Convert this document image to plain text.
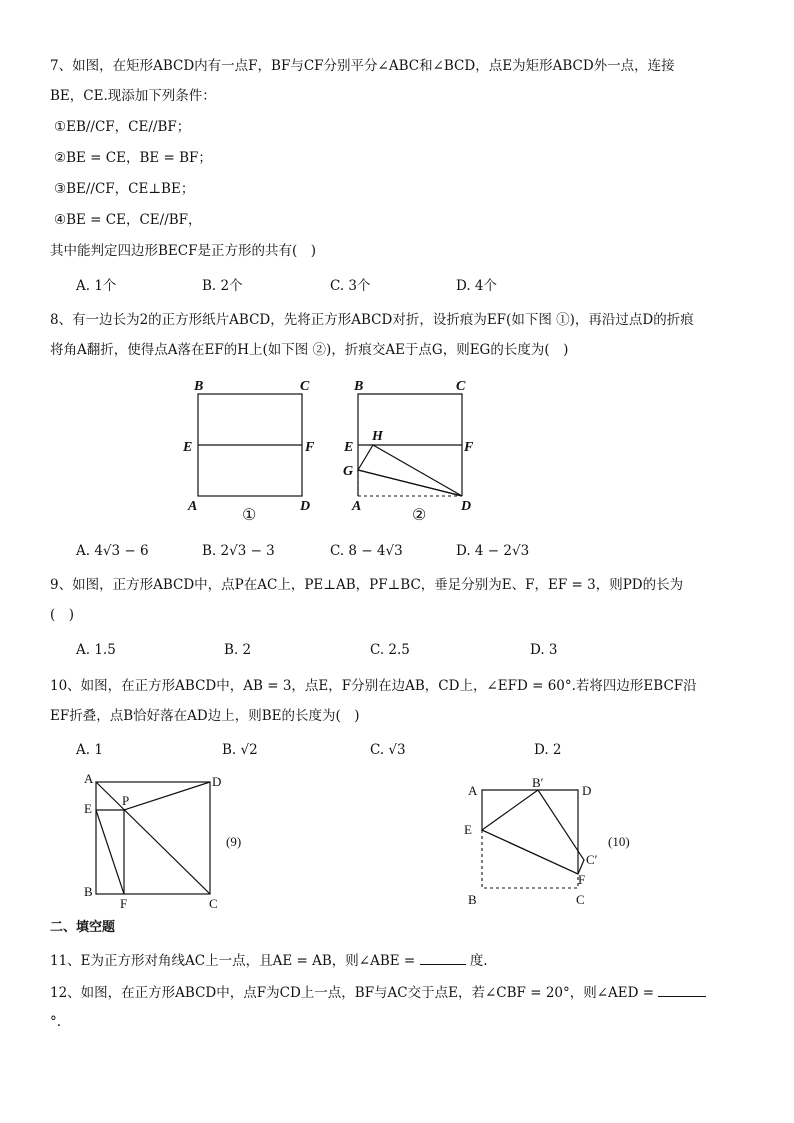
7、如图，在矩形ABCD内有一点F，BF与CF分别平分∠ABC和∠BCD，点E为矩形ABCD外一点，连接
BE，CE.现添加下列条件：
①EB//CF，CE//BF；
②BE = CE，BE = BF；
③BE//CF，CE⊥BE；
④BE = CE，CE//BF，
其中能判定四边形BECF是正方形的共有(　)
A. 1个	B. 2个	C. 3个	D. 4个
8、有一边长为2的正方形纸片ABCD，先将正方形ABCD对折，设折痕为EF(如下图 ①)，再沿过点D的折痕
将角A翻折，使得点A落在EF的H上(如下图 ②)，折痕交AE于点G，则EG的长度为(　)
B	C
E	F
A	D
①
B	C
E
H
F
G
A	D
②
A. 4√3 − 6	B. 2√3 − 3	C. 8 − 4√3	D. 4 − 2√3
9、如图，正方形ABCD中，点P在AC上，PE⊥AB，PF⊥BC，垂足分别为E、F，EF = 3，则PD的长为
(　)
A. 1.5	B. 2	C. 2.5	D. 3
10、如图，在正方形ABCD中，AB = 3，点E，F分别在边AB，CD上，∠EFD = 60°.若将四边形EBCF沿
EF折叠，点B恰好落在AD边上，则BE的长度为(　)
A. 1	B. √2	C. √3	D. 2
A	D
E
P
B
F	C
(9)
A
B′
D
E
C′
F
B	C
(10)
二、填空题
11、E为正方形对角线AC上一点，且AE = AB，则∠ABE =	度.
12、如图，在正方形ABCD中，点F为CD上一点，BF与AC交于点E，若∠CBF = 20°，则∠AED =
°.
